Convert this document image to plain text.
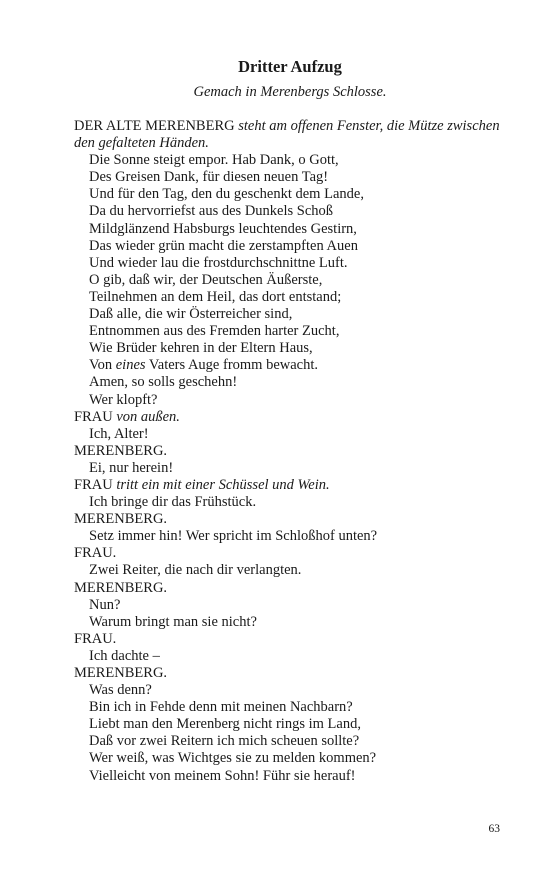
Dritter Aufzug
Gemach in Merenbergs Schlosse.
DER ALTE MERENBERG steht am offenen Fenster, die Mütze zwischen
den gefalteten Händen.
Die Sonne steigt empor. Hab Dank, o Gott,
Des Greisen Dank, für diesen neuen Tag!
Und für den Tag, den du geschenkt dem Lande,
Da du hervorriefst aus des Dunkels Schoß
Mildglänzend Habsburgs leuchtendes Gestirn,
Das wieder grün macht die zerstampften Auen
Und wieder lau die frostdurchschnittne Luft.
O gib, daß wir, der Deutschen Äußerste,
Teilnehmen an dem Heil, das dort entstand;
Daß alle, die wir Österreicher sind,
Entnommen aus des Fremden harter Zucht,
Wie Brüder kehren in der Eltern Haus,
Von eines Vaters Auge fromm bewacht.
Amen, so solls geschehn!
Wer klopft?
FRAU von außen.
Ich, Alter!
MERENBERG.
Ei, nur herein!
FRAU tritt ein mit einer Schüssel und Wein.
Ich bringe dir das Frühstück.
MERENBERG.
Setz immer hin! Wer spricht im Schloßhof unten?
FRAU.
Zwei Reiter, die nach dir verlangten.
MERENBERG.
Nun?
Warum bringt man sie nicht?
FRAU.
Ich dachte –
MERENBERG.
Was denn?
Bin ich in Fehde denn mit meinen Nachbarn?
Liebt man den Merenberg nicht rings im Land,
Daß vor zwei Reitern ich mich scheuen sollte?
Wer weiß, was Wichtges sie zu melden kommen?
Vielleicht von meinem Sohn! Führ sie herauf!
63
